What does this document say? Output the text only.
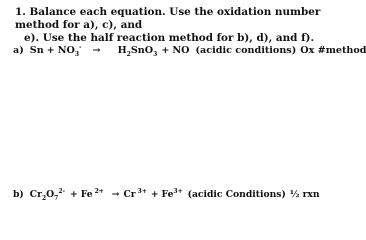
1. Balance each equation. Use the oxidation number method for a), c), and
e). Use the half reaction method for b), d), and f).
a) $Sn + NO_3^- \to H_2SnO_3$ + NO (acidic conditions) Ox #method
b) $Cr_2O_7^{2-} + Fe$ $^{2+}$ → Cr $^{3+} + Fe^{3+}$ (acidic Conditions) ½ rxn
